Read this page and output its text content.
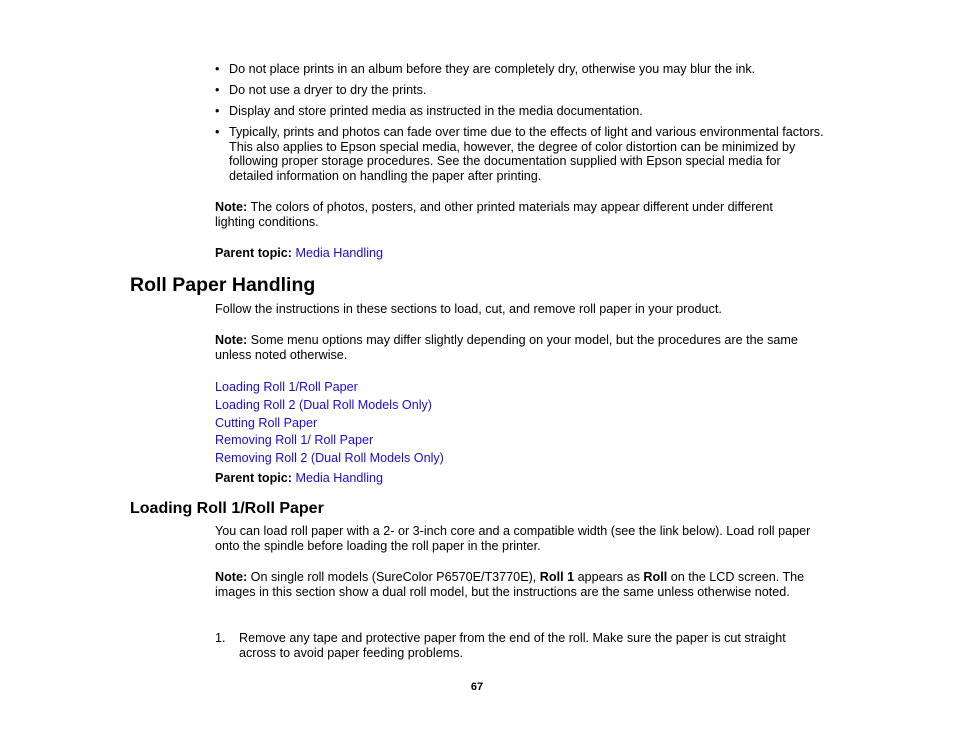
• Do not place prints in an album before they are completely dry, otherwise you may blur the ink.
• Do not use a dryer to dry the prints.
• Display and store printed media as instructed in the media documentation.
• Typically, prints and photos can fade over time due to the effects of light and various environmental factors. This also applies to Epson special media, however, the degree of color distortion can be minimized by following proper storage procedures. See the documentation supplied with Epson special media for detailed information on handling the paper after printing.

Note: The colors of photos, posters, and other printed materials may appear different under different lighting conditions.

Parent topic: Media Handling

Roll Paper Handling

Follow the instructions in these sections to load, cut, and remove roll paper in your product.

Note: Some menu options may differ slightly depending on your model, but the procedures are the same unless noted otherwise.

Loading Roll 1/Roll Paper
Loading Roll 2 (Dual Roll Models Only)
Cutting Roll Paper
Removing Roll 1/ Roll Paper
Removing Roll 2 (Dual Roll Models Only)

Parent topic: Media Handling

Loading Roll 1/Roll Paper

You can load roll paper with a 2- or 3-inch core and a compatible width (see the link below). Load roll paper onto the spindle before loading the roll paper in the printer.

Note: On single roll models (SureColor P6570E/T3770E), Roll 1 appears as Roll on the LCD screen. The images in this section show a dual roll model, but the instructions are the same unless otherwise noted.

1. Remove any tape and protective paper from the end of the roll. Make sure the paper is cut straight across to avoid paper feeding problems.
67
